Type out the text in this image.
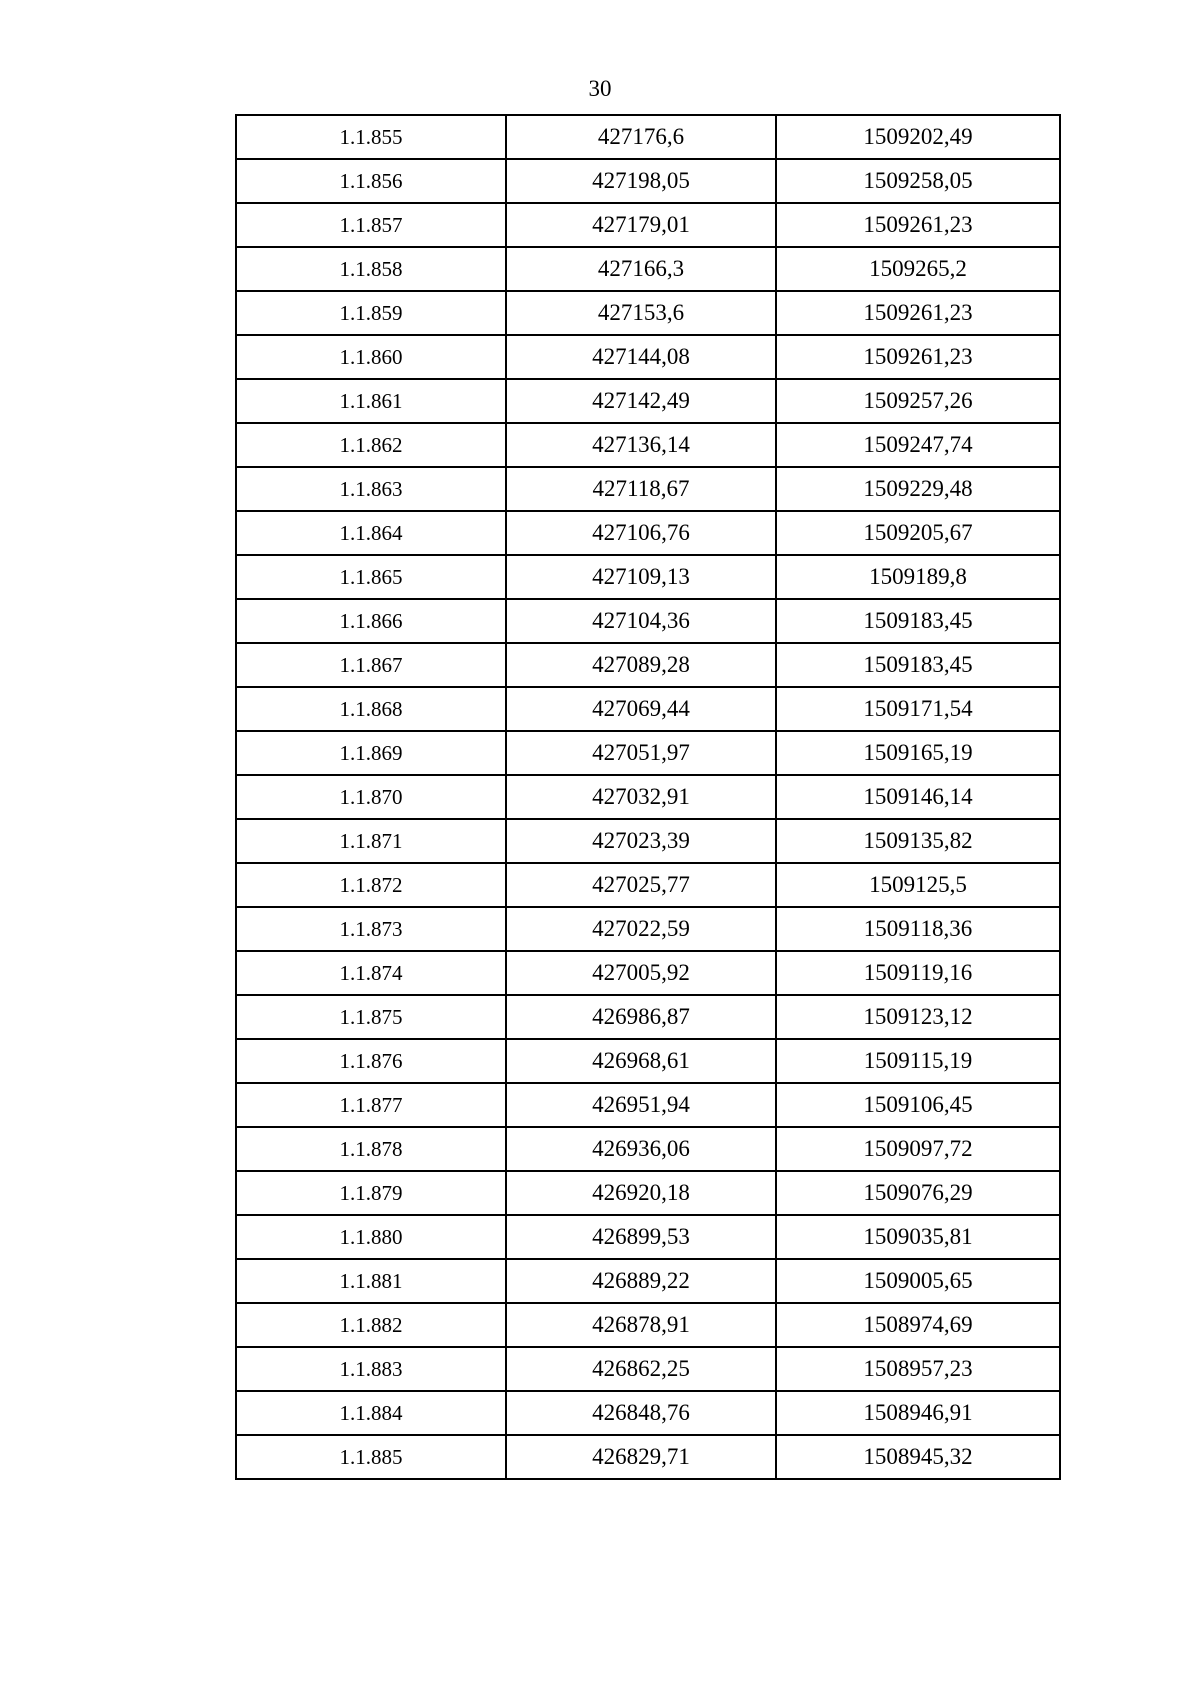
30
1.1.855	427176,6	1509202,49
1.1.856	427198,05	1509258,05
1.1.857	427179,01	1509261,23
1.1.858	427166,3	1509265,2
1.1.859	427153,6	1509261,23
1.1.860	427144,08	1509261,23
1.1.861	427142,49	1509257,26
1.1.862	427136,14	1509247,74
1.1.863	427118,67	1509229,48
1.1.864	427106,76	1509205,67
1.1.865	427109,13	1509189,8
1.1.866	427104,36	1509183,45
1.1.867	427089,28	1509183,45
1.1.868	427069,44	1509171,54
1.1.869	427051,97	1509165,19
1.1.870	427032,91	1509146,14
1.1.871	427023,39	1509135,82
1.1.872	427025,77	1509125,5
1.1.873	427022,59	1509118,36
1.1.874	427005,92	1509119,16
1.1.875	426986,87	1509123,12
1.1.876	426968,61	1509115,19
1.1.877	426951,94	1509106,45
1.1.878	426936,06	1509097,72
1.1.879	426920,18	1509076,29
1.1.880	426899,53	1509035,81
1.1.881	426889,22	1509005,65
1.1.882	426878,91	1508974,69
1.1.883	426862,25	1508957,23
1.1.884	426848,76	1508946,91
1.1.885	426829,71	1508945,32
